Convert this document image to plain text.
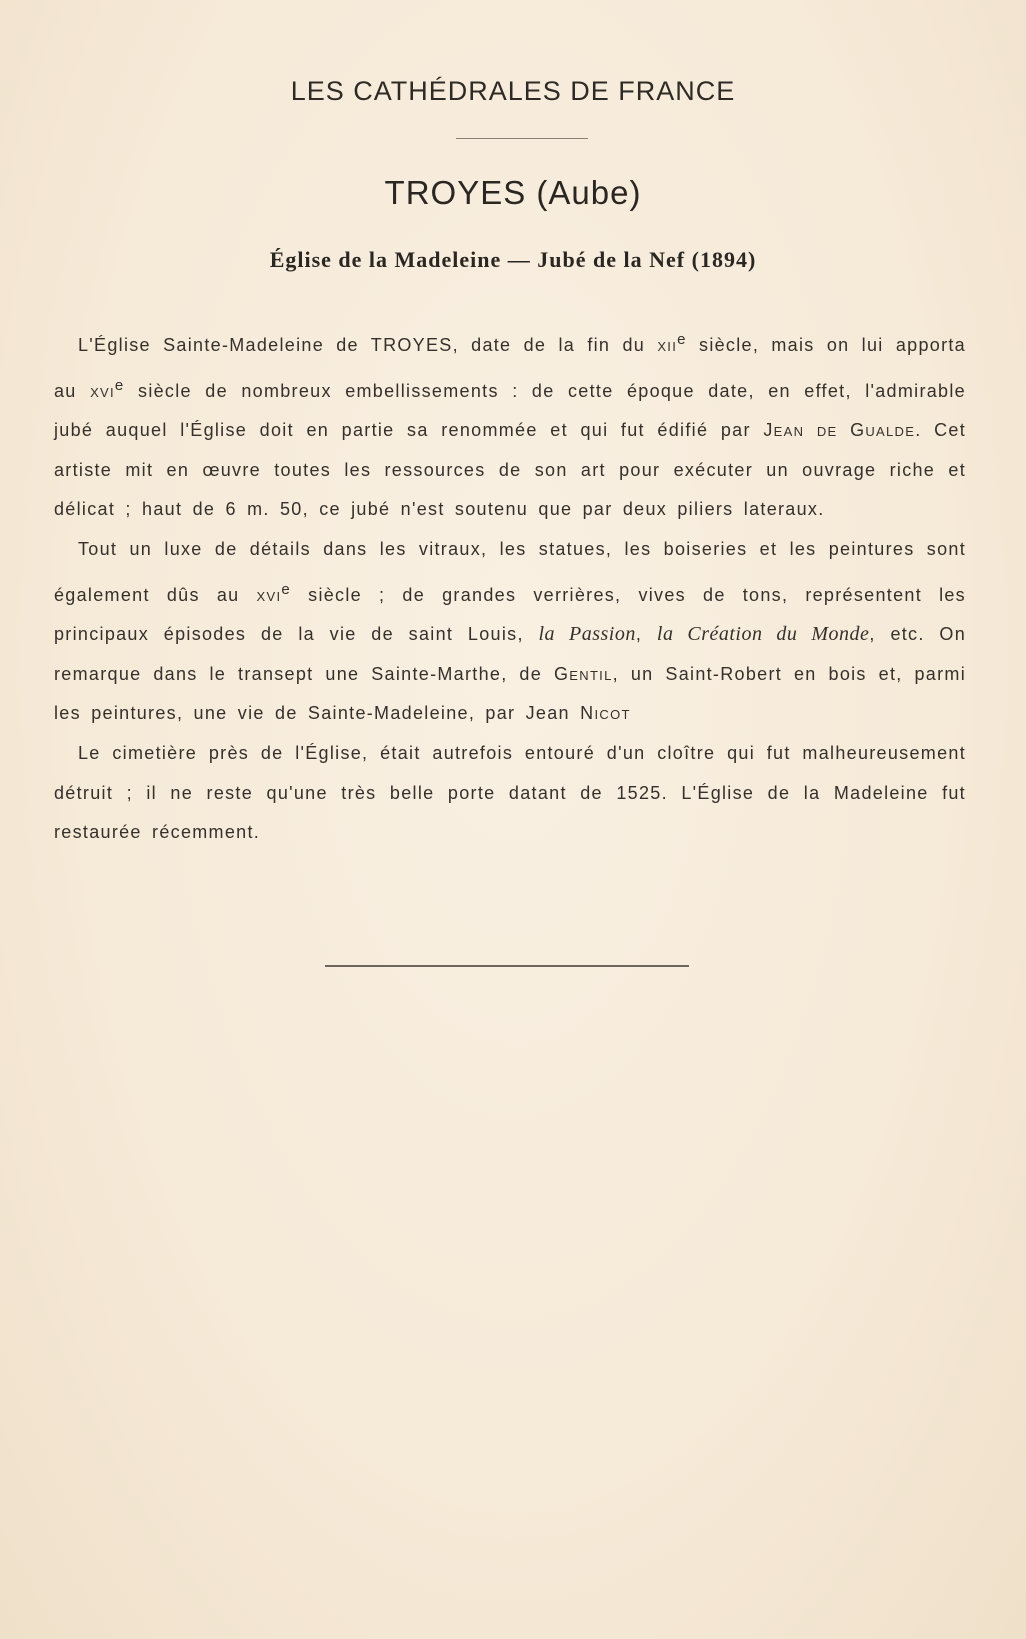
LES CATHÉDRALES DE FRANCE
TROYES (Aube)
Église de la Madeleine — Jubé de la Nef (1894)

L'Église Sainte-Madeleine de TROYES, date de la fin du xii$^e$ siècle, mais on lui apporta au xvi$^e$ siècle de nombreux embellissements : de cette époque date, en effet, l'admirable jubé auquel l'Église doit en partie sa renommée et qui fut édifié par Jean de Gualde. Cet artiste mit en œuvre toutes les ressources de son art pour exécuter un ouvrage riche et délicat ; haut de 6 m. 50, ce jubé n'est soutenu que par deux piliers lateraux.

Tout un luxe de détails dans les vitraux, les statues, les boiseries et les peintures sont également dûs au xvi$^e$ siècle ; de grandes verrières, vives de tons, représentent les principaux épisodes de la vie de saint Louis, la Passion, la Création du Monde, etc. On remarque dans le transept une Sainte-Marthe, de Gentil, un Saint-Robert en bois et, parmi les peintures, une vie de Sainte-Madeleine, par Jean Nicot

Le cimetière près de l'Église, était autrefois entouré d'un cloître qui fut malheureusement détruit ; il ne reste qu'une très belle porte datant de 1525. L'Église de la Madeleine fut restaurée récemment.
